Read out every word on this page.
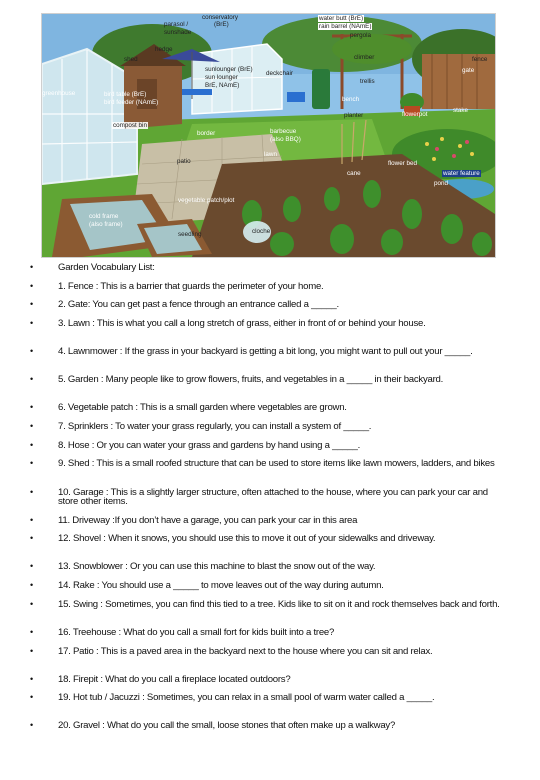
conservatory
parasol /	(BrE)
sunshade
water butt (BrE)
rain barrel (NAmE)
pergola
hedge
shed	climber	fence
gate
sunlounger (BrE)
sun lounger
BrE, NAmE)
deckchair
trellis
greenhouse	bird table (BrE)
bird feeder (NAmE)	bench
planter	flowerpot
stake
compost bin
border	barbecue
(also BBQ)
lawn
patio	flower bed
cane	water feature
pond
vegetable patch/plot
cold frame
(also frame)
seedling	cloche
•	Garden Vocabulary List:
•	1. Fence : This is a barrier that guards the perimeter of your home.
•	2. Gate: You can get past a fence through an entrance called a _____.
•	3. Lawn : This is what you call a long stretch of grass, either in front of or behind your house.
•	4. Lawnmower : If the grass in your backyard is getting a bit long, you might want to pull out your _____.
•	5. Garden : Many people like to grow flowers, fruits, and vegetables in a _____ in their backyard.
•	6. Vegetable patch : This is a small garden where vegetables are grown.
•	7. Sprinklers : To water your grass regularly, you can install a system of _____.
•	8. Hose : Or you can water your grass and gardens by hand using a _____.
•	9. Shed : This is a small roofed structure that can be used to store items like lawn mowers, ladders, and bikes
•	10. Garage : This is a slightly larger structure, often attached to the house, where you can park your car and store other items.
•	11. Driveway :If you don’t have a garage, you can park your car in this area
•	12. Shovel : When it snows, you should use this to move it out of your sidewalks and driveway.
•	13. Snowblower : Or you can use this machine to blast the snow out of the way.
•	14. Rake : You should use a _____ to move leaves out of the way during autumn.
•	15. Swing : Sometimes, you can find this tied to a tree. Kids like to sit on it and rock themselves back and forth.
•	16. Treehouse : What do you call a small fort for kids built into a tree?
•	17. Patio : This is a paved area in the backyard next to the house where you can sit and relax.
•	18. Firepit : What do you call a fireplace located outdoors?
•	19. Hot tub / Jacuzzi : Sometimes, you can relax in a small pool of warm water called a _____.
•	20. Gravel : What do you call the small, loose stones that often make up a walkway?
